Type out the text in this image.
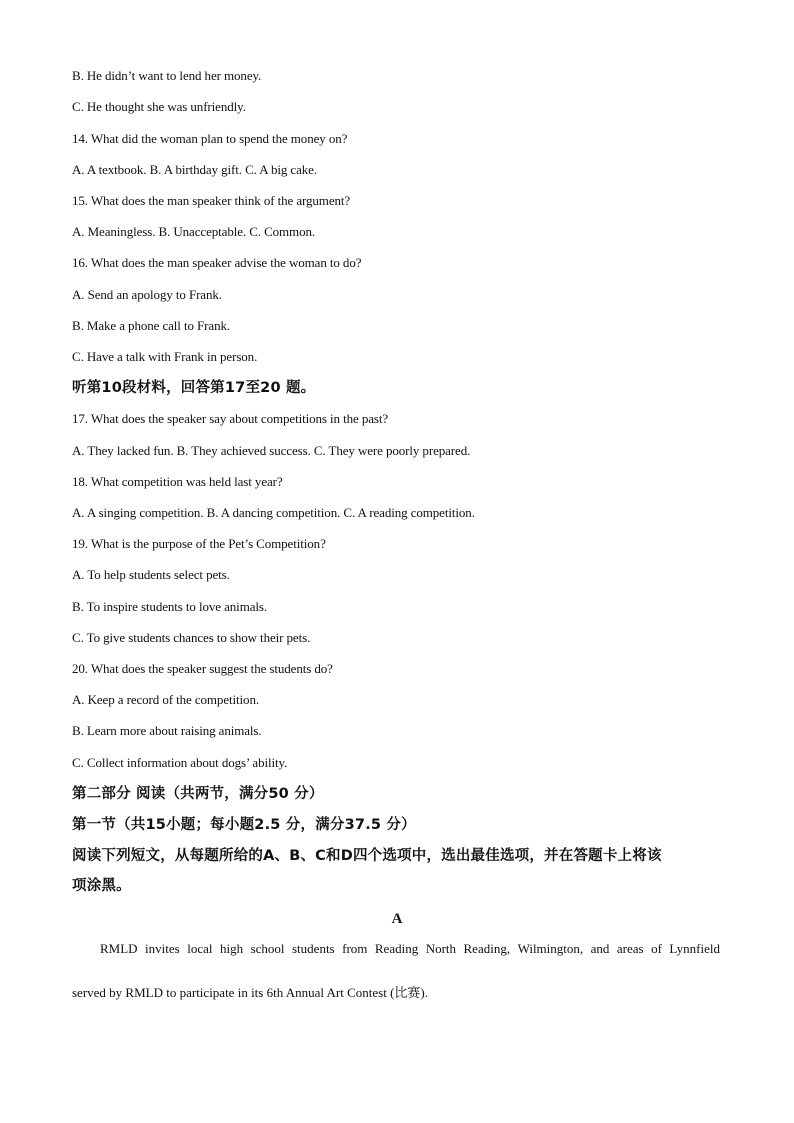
B. He didn’t want to lend her money.
C. He thought she was unfriendly.
14. What did the woman plan to spend the money on?
A. A textbook. B. A birthday gift. C. A big cake.
15. What does the man speaker think of the argument?
A. Meaningless. B. Unacceptable. C. Common.
16. What does the man speaker advise the woman to do?
A. Send an apology to Frank.
B. Make a phone call to Frank.
C. Have a talk with Frank in person.
听第10段材料，回答第17至20 题。
17. What does the speaker say about competitions in the past?
A. They lacked fun. B. They achieved success. C. They were poorly prepared.
18. What competition was held last year?
A. A singing competition. B. A dancing competition. C. A reading competition.
19. What is the purpose of the Pet’s Competition?
A. To help students select pets.
B. To inspire students to love animals.
C. To give students chances to show their pets.
20. What does the speaker suggest the students do?
A. Keep a record of the competition.
B. Learn more about raising animals.
C. Collect information about dogs’ ability.
第二部分 阅读（共两节，满分50 分）
第一节（共15小题；每小题2.5 分，满分37.5 分）
阅读下列短文，从每题所给的A、B、C和D四个选项中，选出最佳选项，并在答题卡上将该
项涂黑。
A
RMLD invites local high school students from Reading North Reading, Wilmington, and areas of Lynnfield
served by RMLD to participate in its 6th Annual Art Contest (比赛).
